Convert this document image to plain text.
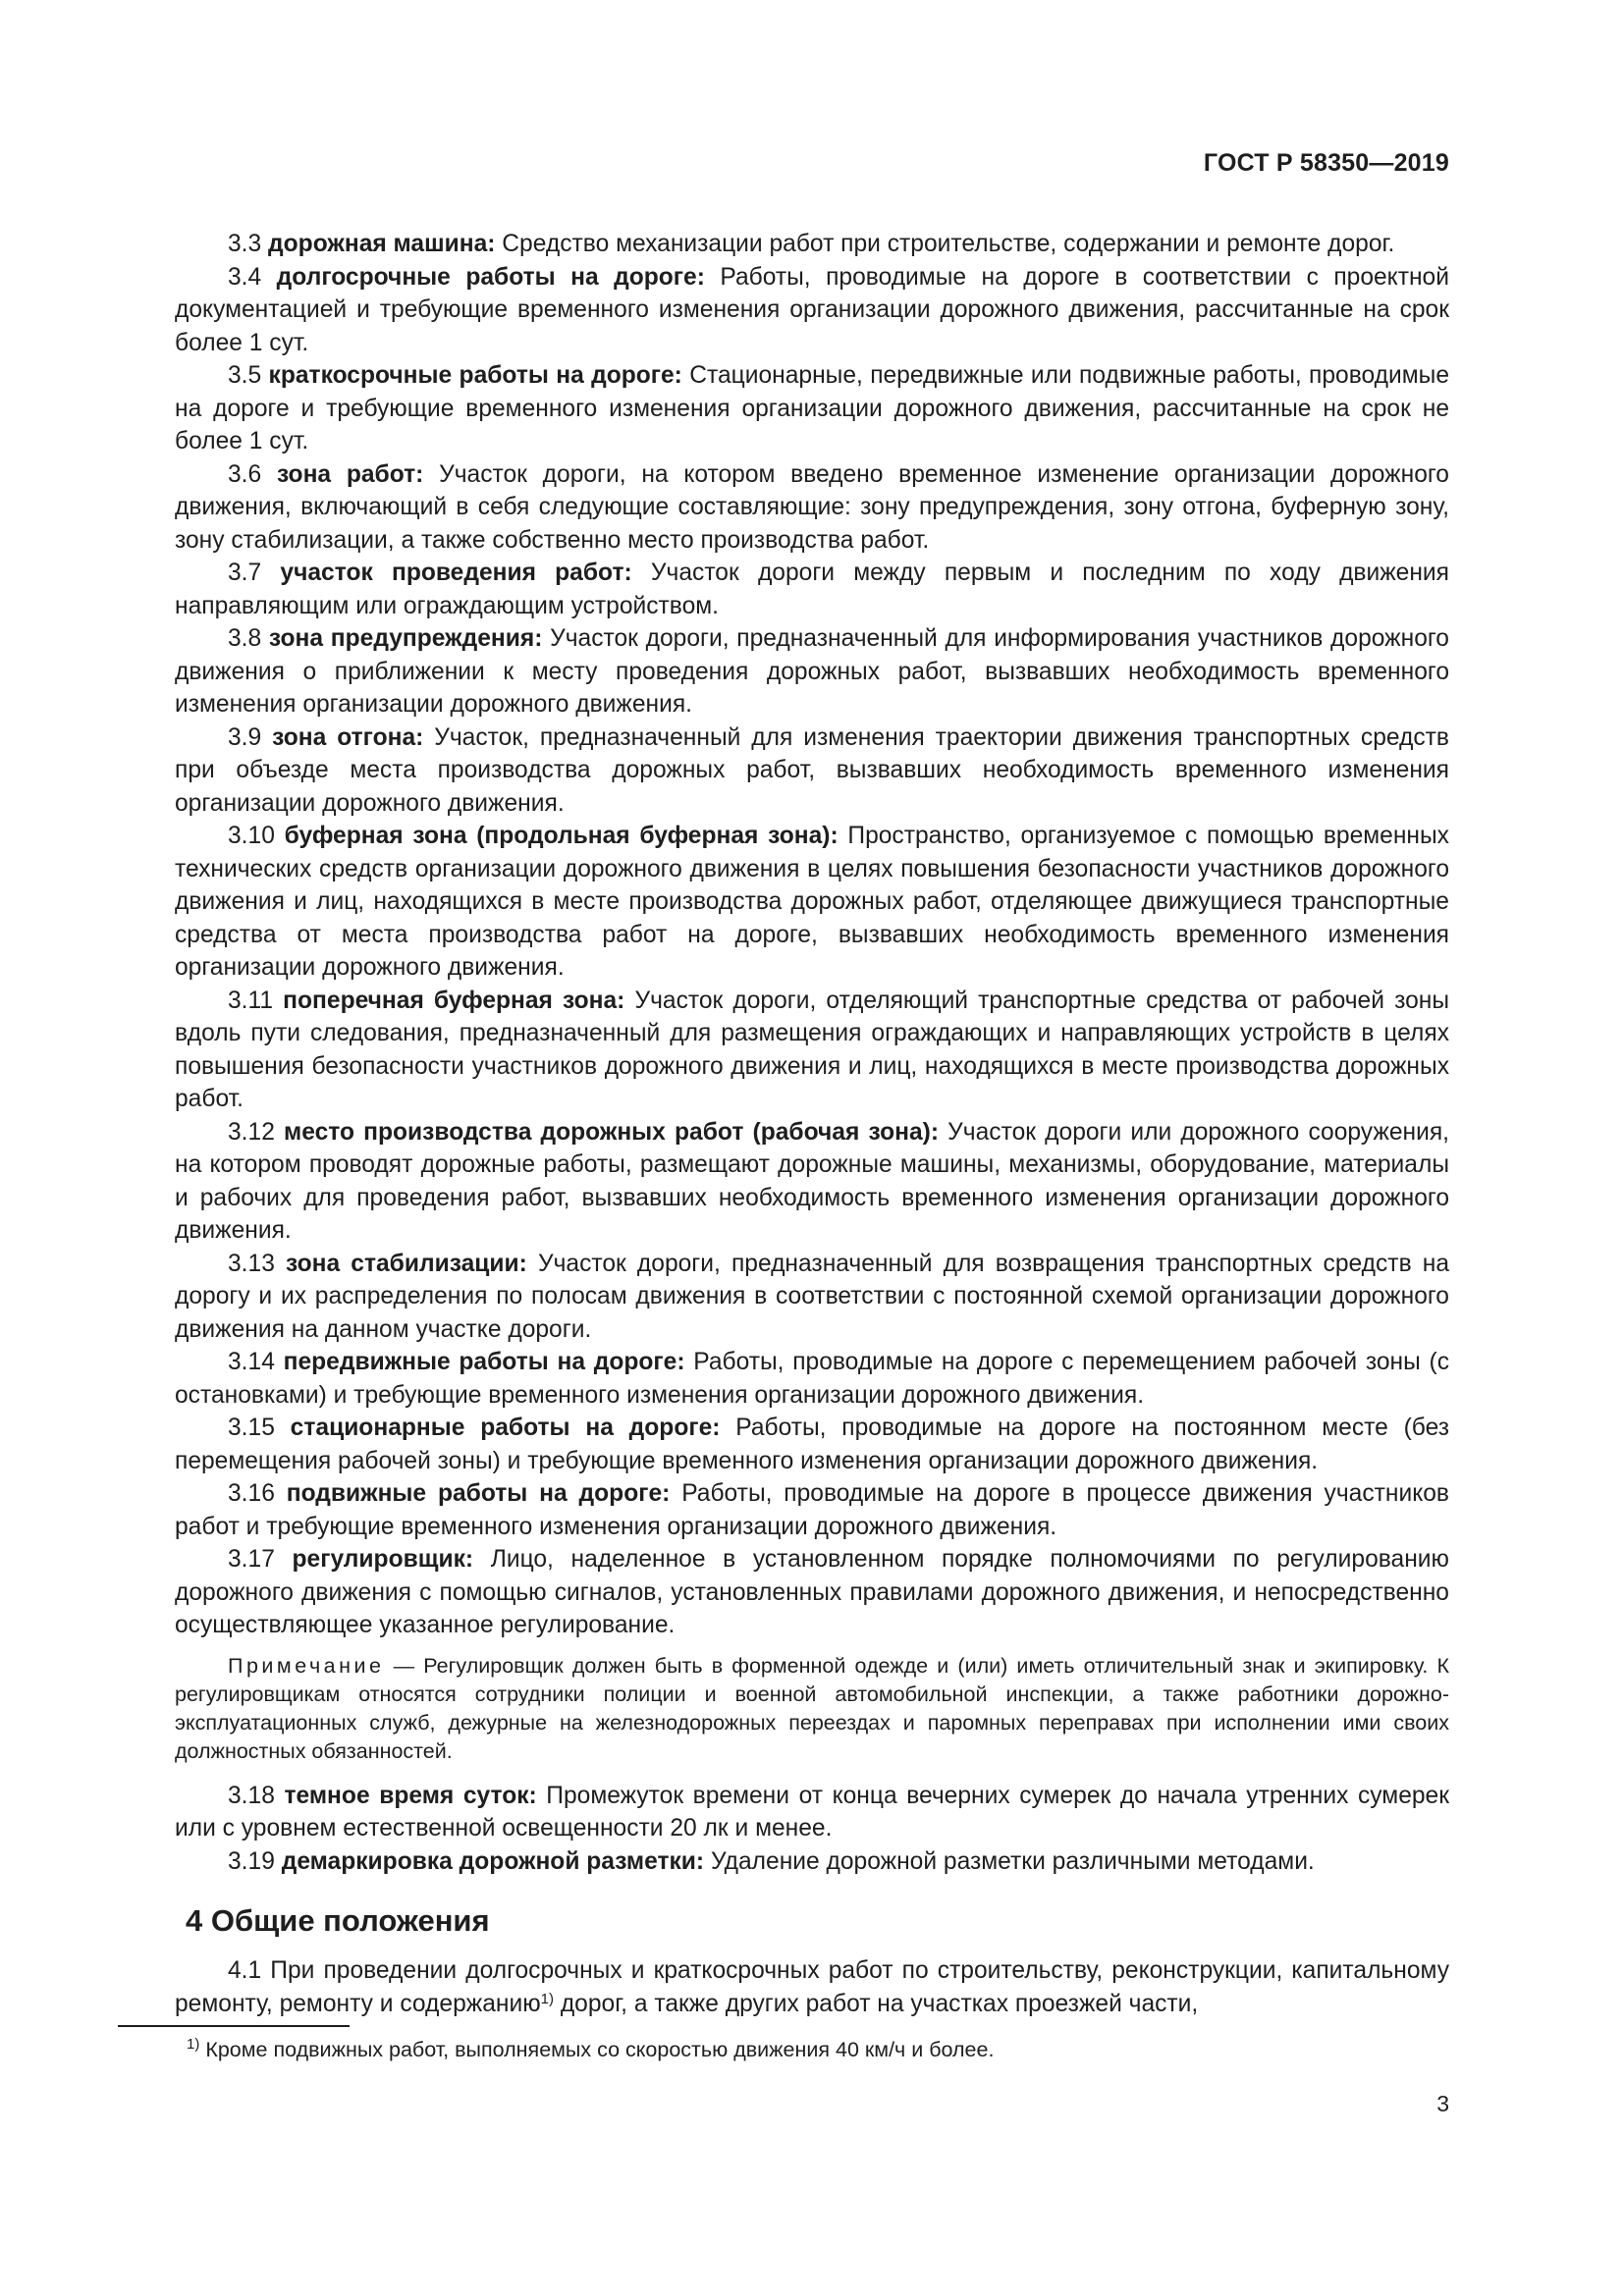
ГОСТ Р 58350—2019

3.3 дорожная машина: Средство механизации работ при строительстве, содержании и ремонте дорог.

3.4 долгосрочные работы на дороге: Работы, проводимые на дороге в соответствии с проектной документацией и требующие временного изменения организации дорожного движения, рассчитанные на срок более 1 сут.

3.5 краткосрочные работы на дороге: Стационарные, передвижные или подвижные работы, проводимые на дороге и требующие временного изменения организации дорожного движения, рассчитанные на срок не более 1 сут.

3.6 зона работ: Участок дороги, на котором введено временное изменение организации дорожного движения, включающий в себя следующие составляющие: зону предупреждения, зону отгона, буферную зону, зону стабилизации, а также собственно место производства работ.

3.7 участок проведения работ: Участок дороги между первым и последним по ходу движения направляющим или ограждающим устройством.

3.8 зона предупреждения: Участок дороги, предназначенный для информирования участников дорожного движения о приближении к месту проведения дорожных работ, вызвавших необходимость временного изменения организации дорожного движения.

3.9 зона отгона: Участок, предназначенный для изменения траектории движения транспортных средств при объезде места производства дорожных работ, вызвавших необходимость временного изменения организации дорожного движения.

3.10 буферная зона (продольная буферная зона): Пространство, организуемое с помощью временных технических средств организации дорожного движения в целях повышения безопасности участников дорожного движения и лиц, находящихся в месте производства дорожных работ, отделяющее движущиеся транспортные средства от места производства работ на дороге, вызвавших необходимость временного изменения организации дорожного движения.

3.11 поперечная буферная зона: Участок дороги, отделяющий транспортные средства от рабочей зоны вдоль пути следования, предназначенный для размещения ограждающих и направляющих устройств в целях повышения безопасности участников дорожного движения и лиц, находящихся в месте производства дорожных работ.

3.12 место производства дорожных работ (рабочая зона): Участок дороги или дорожного сооружения, на котором проводят дорожные работы, размещают дорожные машины, механизмы, оборудование, материалы и рабочих для проведения работ, вызвавших необходимость временного изменения организации дорожного движения.

3.13 зона стабилизации: Участок дороги, предназначенный для возвращения транспортных средств на дорогу и их распределения по полосам движения в соответствии с постоянной схемой организации дорожного движения на данном участке дороги.

3.14 передвижные работы на дороге: Работы, проводимые на дороге с перемещением рабочей зоны (с остановками) и требующие временного изменения организации дорожного движения.

3.15 стационарные работы на дороге: Работы, проводимые на дороге на постоянном месте (без перемещения рабочей зоны) и требующие временного изменения организации дорожного движения.

3.16 подвижные работы на дороге: Работы, проводимые на дороге в процессе движения участников работ и требующие временного изменения организации дорожного движения.

3.17 регулировщик: Лицо, наделенное в установленном порядке полномочиями по регулированию дорожного движения с помощью сигналов, установленных правилами дорожного движения, и непосредственно осуществляющее указанное регулирование.

Примечание — Регулировщик должен быть в форменной одежде и (или) иметь отличительный знак и экипировку. К регулировщикам относятся сотрудники полиции и военной автомобильной инспекции, а также работники дорожно-эксплуатационных служб, дежурные на железнодорожных переездах и паромных переправах при исполнении ими своих должностных обязанностей.

3.18 темное время суток: Промежуток времени от конца вечерних сумерек до начала утренних сумерек или с уровнем естественной освещенности 20 лк и менее.

3.19 демаркировка дорожной разметки: Удаление дорожной разметки различными методами.

4 Общие положения

4.1 При проведении долгосрочных и краткосрочных работ по строительству, реконструкции, капитальному ремонту, ремонту и содержанию$^{1)}$ дорог, а также других работ на участках проезжей части,

$^{1)}$ Кроме подвижных работ, выполняемых со скоростью движения 40 км/ч и более.
3
